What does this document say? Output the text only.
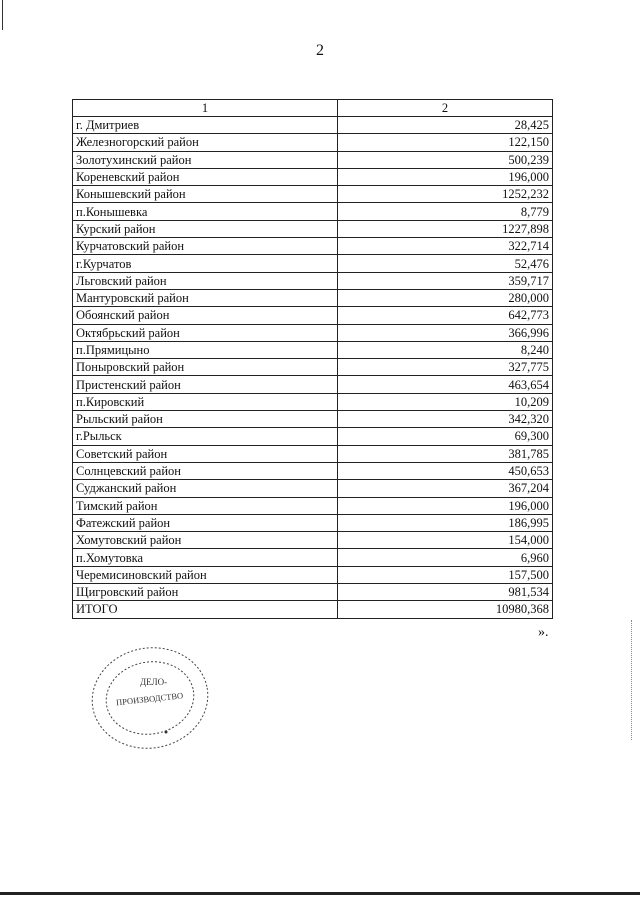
2
1	2
г. Дмитриев	28,425
Железногорский район	122,150
Золотухинский район	500,239
Кореневский район	196,000
Конышевский район	1252,232
п.Конышевка	8,779
Курский район	1227,898
Курчатовский район	322,714
г.Курчатов	52,476
Льговский район	359,717
Мантуровский район	280,000
Обоянский район	642,773
Октябрьский район	366,996
п.Прямицыно	8,240
Поныровский район	327,775
Пристенский район	463,654
п.Кировский	10,209
Рыльский район	342,320
г.Рыльск	69,300
Советский район	381,785
Солнцевский район	450,653
Суджанский район	367,204
Тимский район	196,000
Фатежский район	186,995
Хомутовский район	154,000
п.Хомутовка	6,960
Черемисиновский район	157,500
Щигровский район	981,534
ИТОГО	10980,368
».
ДЕЛО-
ПРОИЗВОДСТВО
